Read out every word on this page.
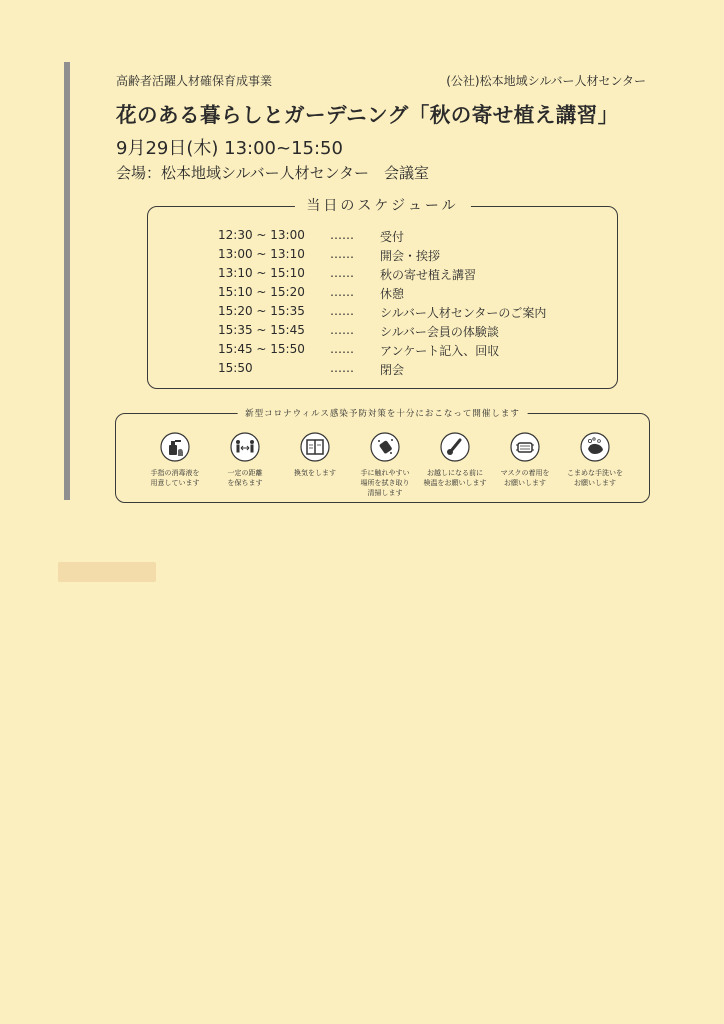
高齢者活躍人材確保育成事業	(公社)松本地域シルバー人材センター
花のある暮らしとガーデニング「秋の寄せ植え講習」
9月29日(木) 13:00~15:50
会場：松本地域シルバー人材センター　会議室
当日のスケジュール
12:30 ~ 13:00	……	受付
13:00 ~ 13:10	……	開会・挨拶
13:10 ~ 15:10	……	秋の寄せ植え講習
15:10 ~ 15:20	……	休憩
15:20 ~ 15:35	……	シルバー人材センターのご案内
15:35 ~ 15:45	……	シルバー会員の体験談
15:45 ~ 15:50	……	アンケート記入、回収
15:50	……	閉会
新型コロナウィルス感染予防対策を十分におこなって開催します
手指の消毒液を
用意しています
一定の距離
を保ちます
換気をします	手に触れやすい
場所を拭き取り
清掃します
お越しになる前に
検温をお願いします
マスクの着用を
お願いします
こまめな手洗いを
お願いします
